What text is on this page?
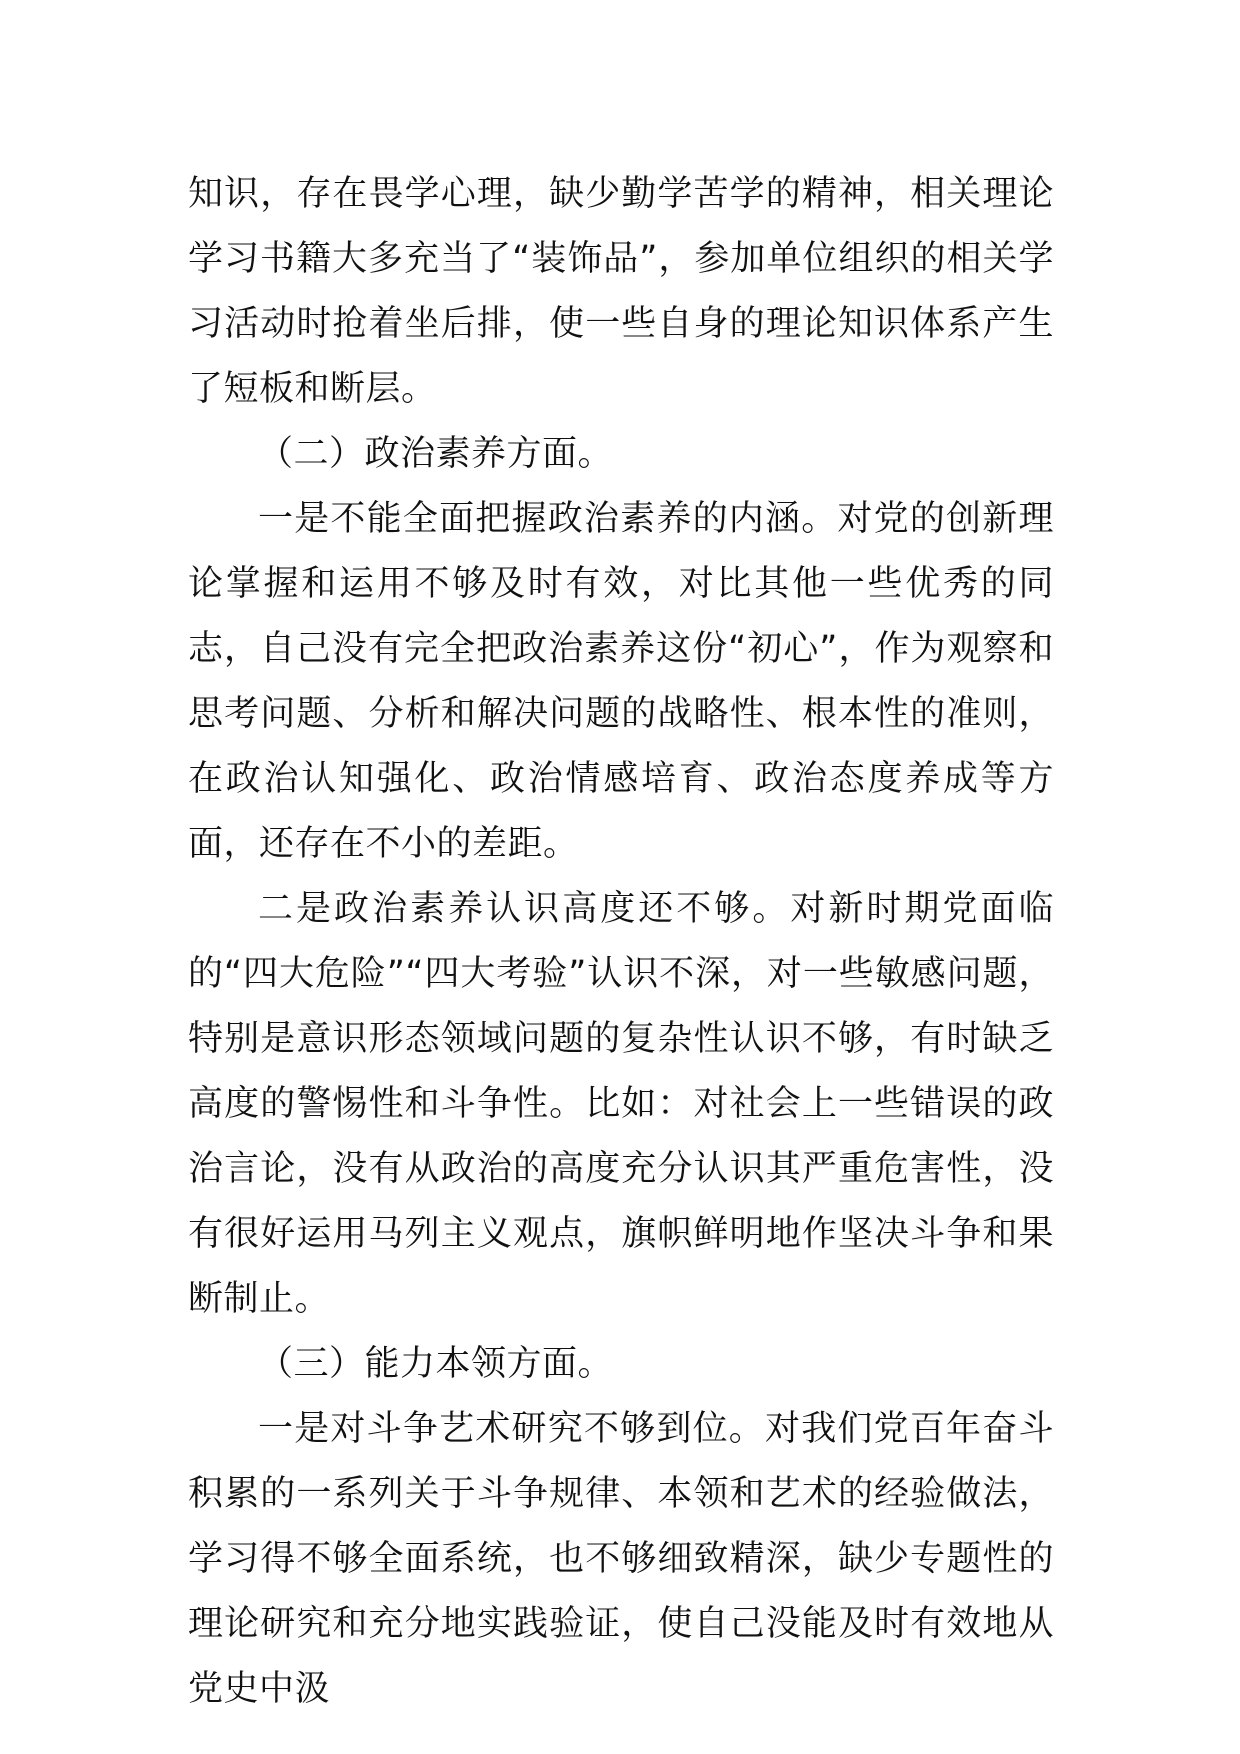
知识，存在畏学心理，缺少勤学苦学的精神，相关理论学习书籍大多充当了“装饰品”，参加单位组织的相关学习活动时抢着坐后排，使一些自身的理论知识体系产生了短板和断层。

（二）政治素养方面。

一是不能全面把握政治素养的内涵。对党的创新理论掌握和运用不够及时有效，对比其他一些优秀的同志，自己没有完全把政治素养这份“初心”，作为观察和思考问题、分析和解决问题的战略性、根本性的准则，在政治认知强化、政治情感培育、政治态度养成等方面，还存在不小的差距。

二是政治素养认识高度还不够。对新时期党面临的“四大危险”“四大考验”认识不深，对一些敏感问题，特别是意识形态领域问题的复杂性认识不够，有时缺乏高度的警惕性和斗争性。比如：对社会上一些错误的政治言论，没有从政治的高度充分认识其严重危害性，没有很好运用马列主义观点，旗帜鲜明地作坚决斗争和果断制止。

（三）能力本领方面。

一是对斗争艺术研究不够到位。对我们党百年奋斗积累的一系列关于斗争规律、本领和艺术的经验做法，学习得不够全面系统，也不够细致精深，缺少专题性的理论研究和充分地实践验证，使自己没能及时有效地从党史中汲
